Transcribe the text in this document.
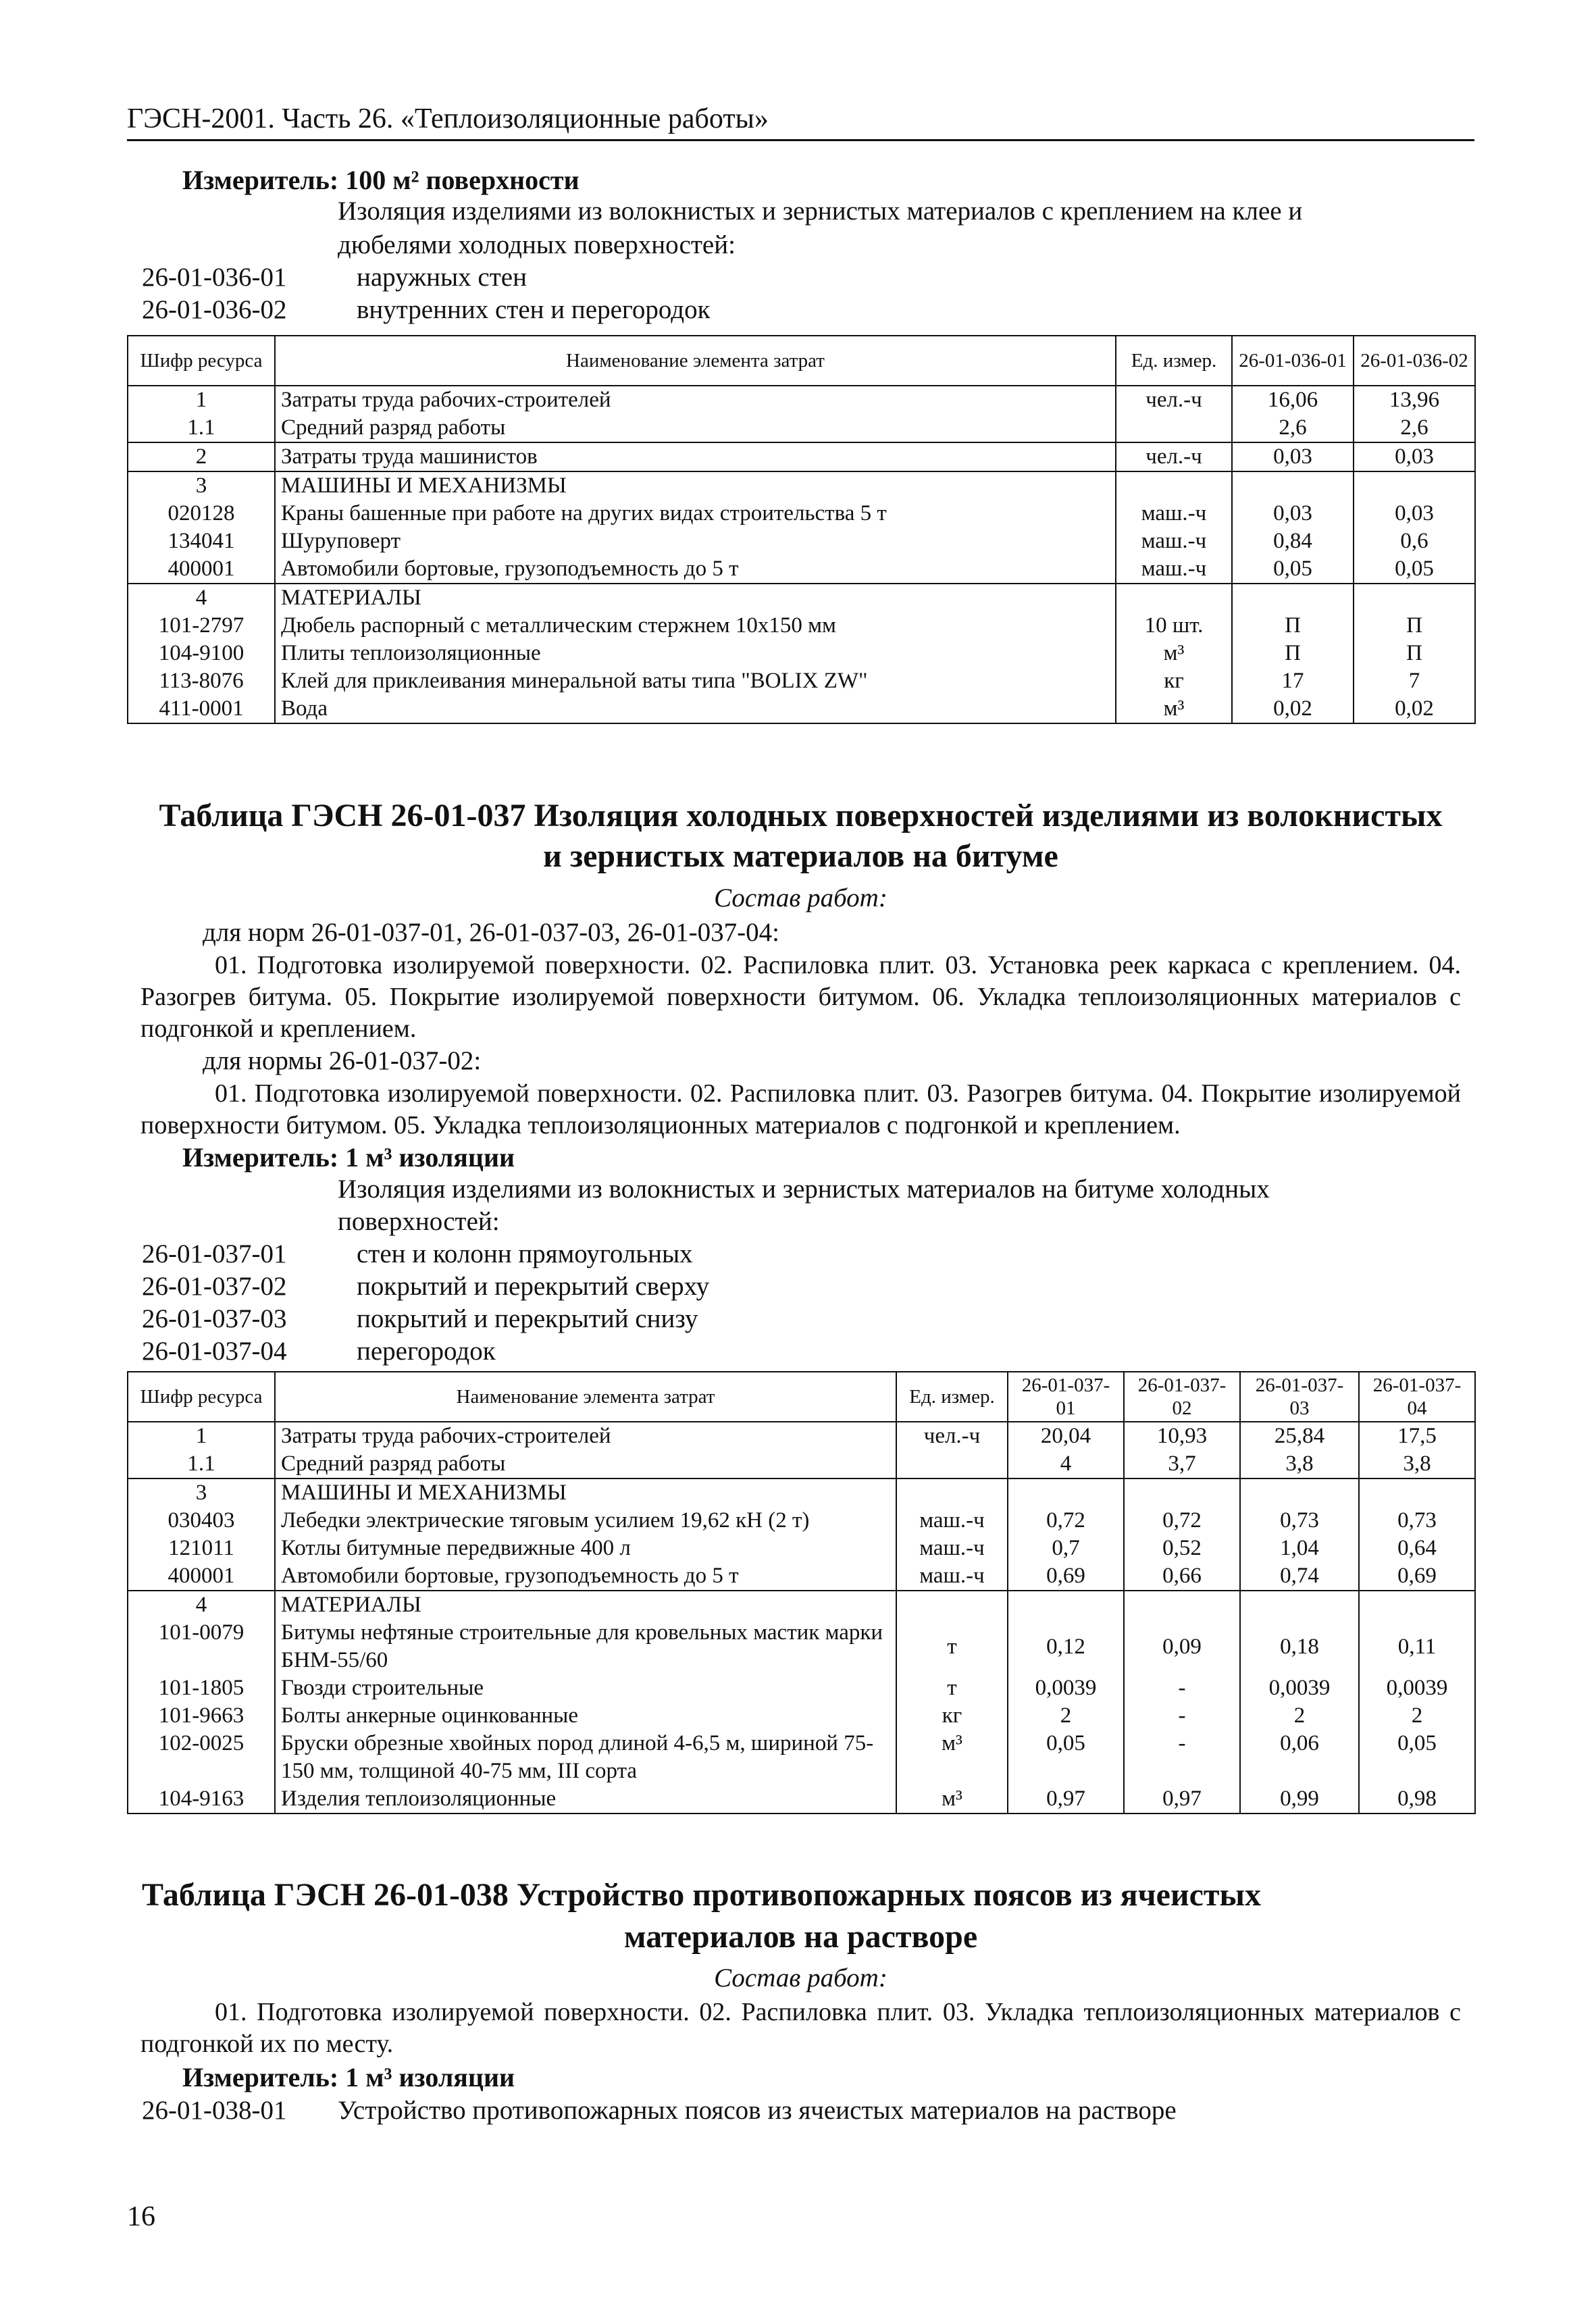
ГЭСН-2001. Часть 26. «Теплоизоляционные работы»
Измеритель: 100 м² поверхности
Изоляция изделиями из волокнистых и зернистых материалов с креплением на клее и
дюбелями холодных поверхностей:
26-01-036-01	наружных стен
26-01-036-02	внутренних стен и перегородок
Шифр ресурса	Наименование элемента затрат	Ед. измер.	26-01-036-01	26-01-036-02
1	Затраты труда рабочих-строителей	чел.-ч	16,06	13,96
1.1	Средний разряд работы		2,6	2,6
2	Затраты труда машинистов	чел.-ч	0,03	0,03
3	МАШИНЫ И МЕХАНИЗМЫ			
020128	Краны башенные при работе на других видах строительства 5 т	маш.-ч	0,03	0,03
134041	Шуруповерт	маш.-ч	0,84	0,6
400001	Автомобили бортовые, грузоподъемность до 5 т	маш.-ч	0,05	0,05
4	МАТЕРИАЛЫ			
101-2797	Дюбель распорный с металлическим стержнем 10x150 мм	10 шт.	П	П
104-9100	Плиты теплоизоляционные	м³	П	П
113-8076	Клей для приклеивания минеральной ваты типа "BOLIX ZW"	кг	17	7
411-0001	Вода	м³	0,02	0,02
Таблица ГЭСН 26-01-037 Изоляция холодных поверхностей изделиями из волокнистых
и зернистых материалов на битуме
Состав работ:
для норм 26-01-037-01, 26-01-037-03, 26-01-037-04:
01. Подготовка изолируемой поверхности. 02. Распиловка плит. 03. Установка реек каркаса с креплением. 04. Разогрев битума. 05. Покрытие изолируемой поверхности битумом. 06. Укладка теплоизоляционных материалов с подгонкой и креплением.
для нормы 26-01-037-02:
01. Подготовка изолируемой поверхности. 02. Распиловка плит. 03. Разогрев битума. 04. Покрытие изолируемой поверхности битумом. 05. Укладка теплоизоляционных материалов с подгонкой и креплением.
Измеритель: 1 м³ изоляции
Изоляция изделиями из волокнистых и зернистых материалов на битуме холодных
поверхностей:
26-01-037-01	стен и колонн прямоугольных
26-01-037-02	покрытий и перекрытий сверху
26-01-037-03	покрытий и перекрытий снизу
26-01-037-04	перегородок
Шифр ресурса	Наименование элемента затрат	Ед. измер.	26-01-037-01	26-01-037-02	26-01-037-03	26-01-037-04
1	Затраты труда рабочих-строителей	чел.-ч	20,04	10,93	25,84	17,5
1.1	Средний разряд работы		4	3,7	3,8	3,8
3	МАШИНЫ И МЕХАНИЗМЫ					
030403	Лебедки электрические тяговым усилием 19,62 кН (2 т)	маш.-ч	0,72	0,72	0,73	0,73
121011	Котлы битумные передвижные 400 л	маш.-ч	0,7	0,52	1,04	0,64
400001	Автомобили бортовые, грузоподъемность до 5 т	маш.-ч	0,69	0,66	0,74	0,69
4	МАТЕРИАЛЫ					
101-0079	Битумы нефтяные строительные для кровельных мастик марки БНМ-55/60	т	0,12	0,09	0,18	0,11
101-1805	Гвозди строительные	т	0,0039	-	0,0039	0,0039
101-9663	Болты анкерные оцинкованные	кг	2	-	2	2
102-0025	Бруски обрезные хвойных пород длиной 4-6,5 м, шириной 75-150 мм, толщиной 40-75 мм, III сорта	м³	0,05	-	0,06	0,05
104-9163	Изделия теплоизоляционные	м³	0,97	0,97	0,99	0,98
Таблица ГЭСН 26-01-038 Устройство противопожарных поясов из ячеистых
материалов на растворе
Состав работ:
01. Подготовка изолируемой поверхности. 02. Распиловка плит. 03. Укладка теплоизоляционных материалов с подгонкой их по месту.
Измеритель: 1 м³ изоляции
26-01-038-01 Устройство противопожарных поясов из ячеистых материалов на растворе
16
